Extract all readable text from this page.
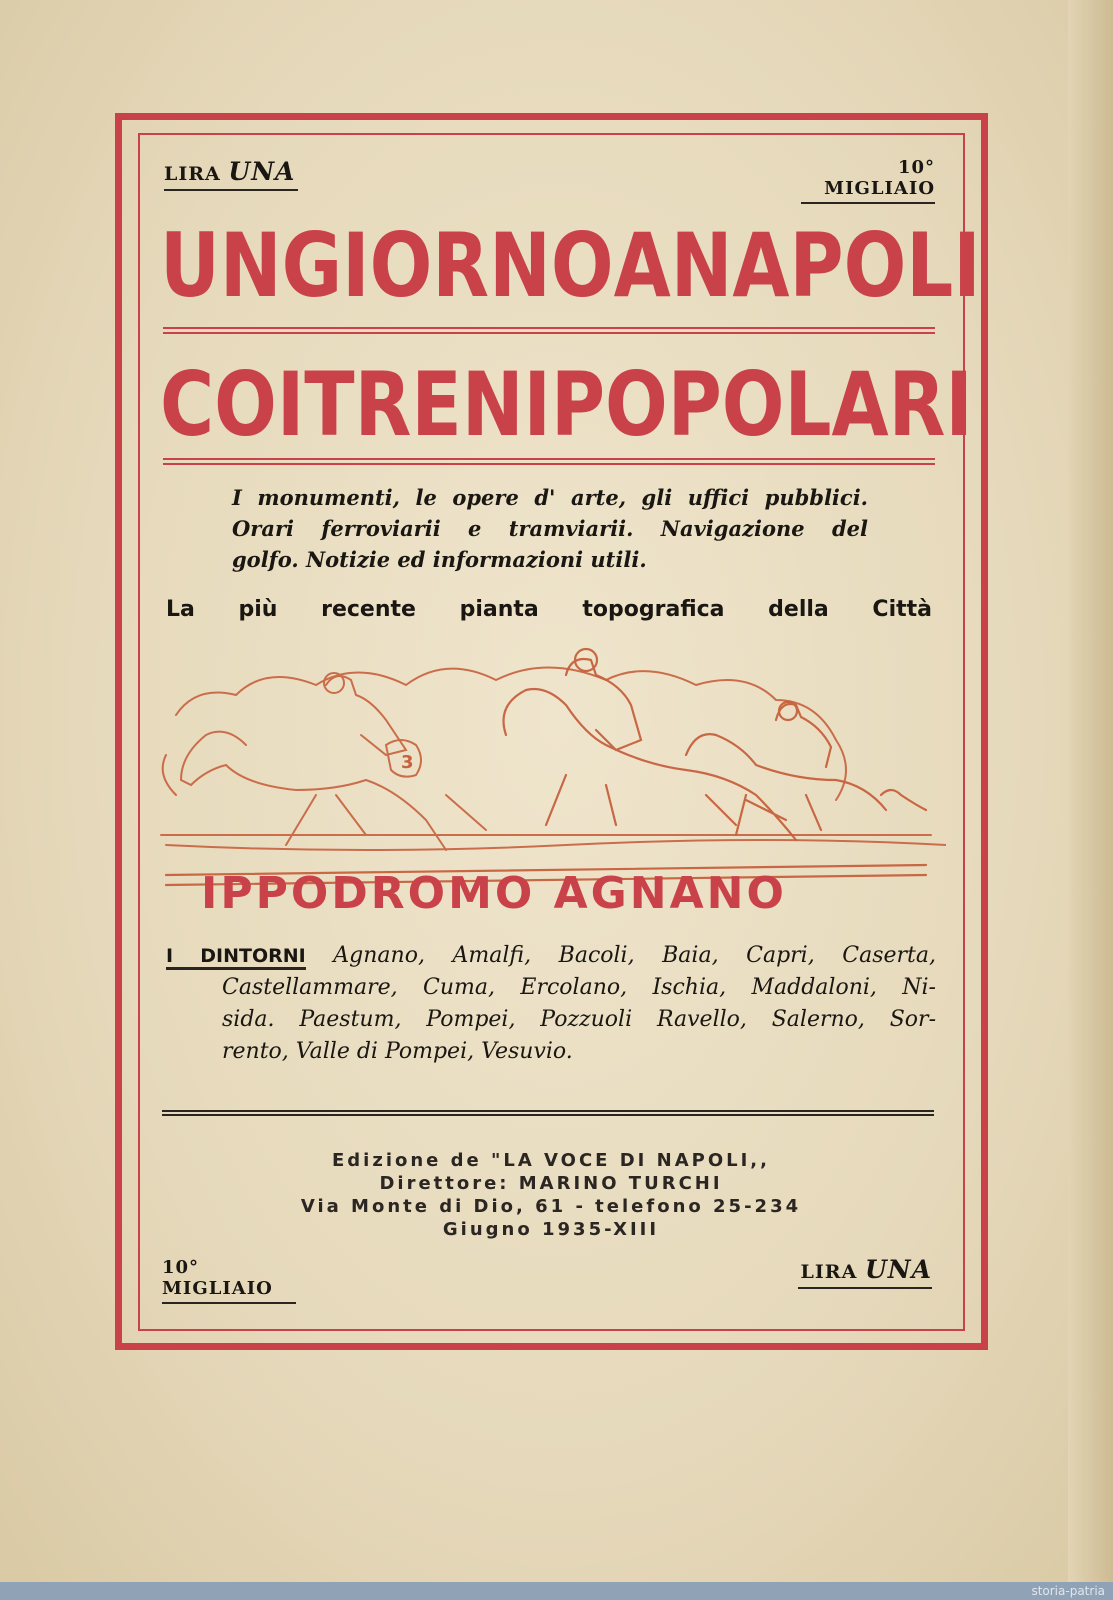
LIRA UNA	10° MIGLIAIO
UN GIORNO A NAPOLI
COI TRENI POPOLARI
I monumenti, le opere d' arte, gli uffici pubblici.
Orari ferroviarii e tramviarii. Navigazione del
golfo. Notizie ed informazioni utili.
La più recente pianta topografica della Città
3
IPPODROMO AGNANO
I DINTORNI Agnano, Amalfi, Bacoli, Baia, Capri, Caserta,
Castellammare, Cuma, Ercolano, Ischia, Maddaloni, Ni-
sida. Paestum, Pompei, Pozzuoli Ravello, Salerno, Sor-
rento, Valle di Pompei, Vesuvio.
Edizione de "LA VOCE DI NAPOLI,,
Direttore: MARINO TURCHI
Via Monte di Dio, 61 - telefono 25-234
Giugno 1935-XIII
10° MIGLIAIO
LIRA UNA
storia-patria
